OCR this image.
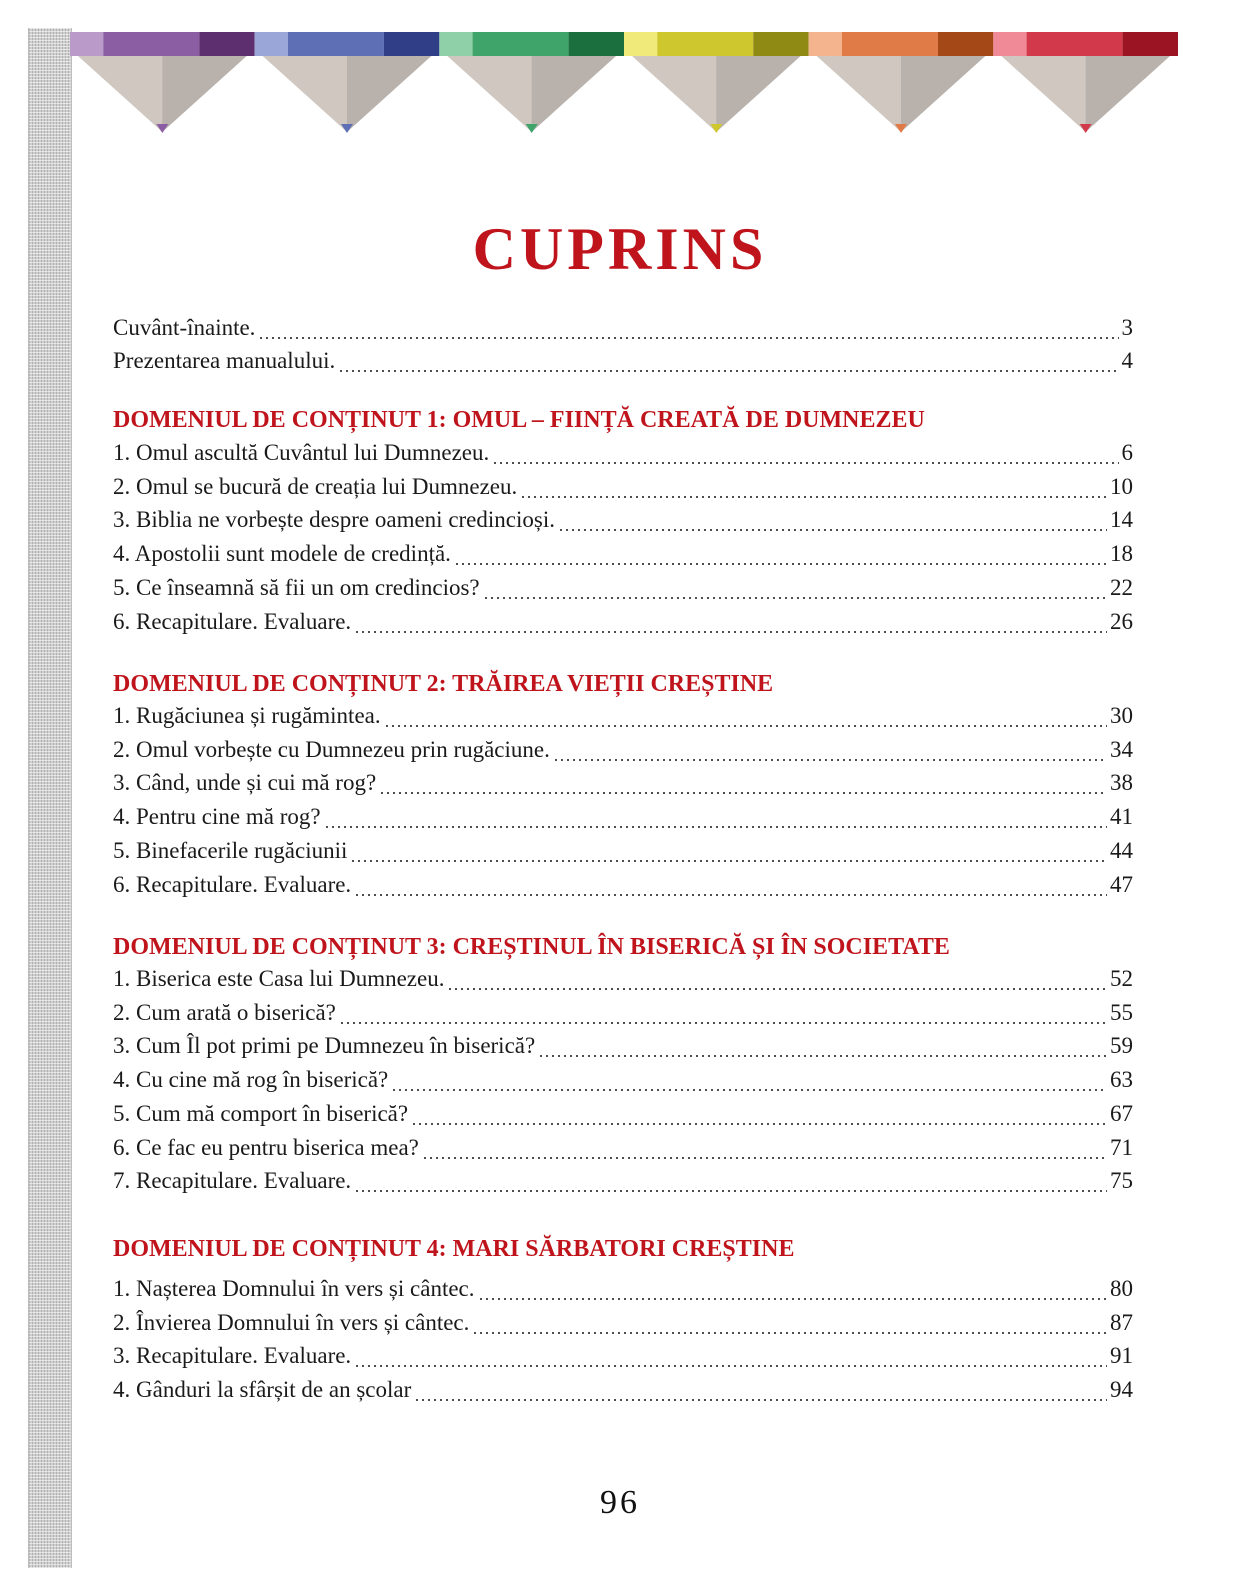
CUPRINS
Cuvânt-înainte.	3
Prezentarea manualului.	4
DOMENIUL DE CONȚINUT 1: OMUL – FIINȚĂ CREATĂ DE DUMNEZEU
1. Omul ascultă Cuvântul lui Dumnezeu.	6
2. Omul se bucură de creația lui Dumnezeu.	10
3. Biblia ne vorbește despre oameni credincioși.	14
4. Apostolii sunt modele de credință.	18
5. Ce înseamnă să fii un om credincios?	22
6. Recapitulare. Evaluare.	26
DOMENIUL DE CONȚINUT 2: TRĂIREA VIEȚII CREȘTINE
1. Rugăciunea și rugămintea.	30
2. Omul vorbește cu Dumnezeu prin rugăciune.	34
3. Când, unde și cui mă rog?	38
4. Pentru cine mă rog?	41
5. Binefacerile rugăciunii	44
6. Recapitulare. Evaluare.	47
DOMENIUL DE CONȚINUT 3: CREȘTINUL ÎN BISERICĂ ȘI ÎN SOCIETATE
1. Biserica este Casa lui Dumnezeu.	52
2. Cum arată o biserică?	55
3. Cum Îl pot primi pe Dumnezeu în biserică?	59
4. Cu cine mă rog în biserică?	63
5. Cum mă comport în biserică?	67
6. Ce fac eu pentru biserica mea?	71
7. Recapitulare. Evaluare.	75
DOMENIUL DE CONȚINUT 4: MARI SĂRBATORI CREȘTINE
1. Nașterea Domnului în vers și cântec.	80
2. Învierea Domnului în vers și cântec.	87
3. Recapitulare. Evaluare.	91
4. Gânduri la sfârșit de an școlar	94
96
